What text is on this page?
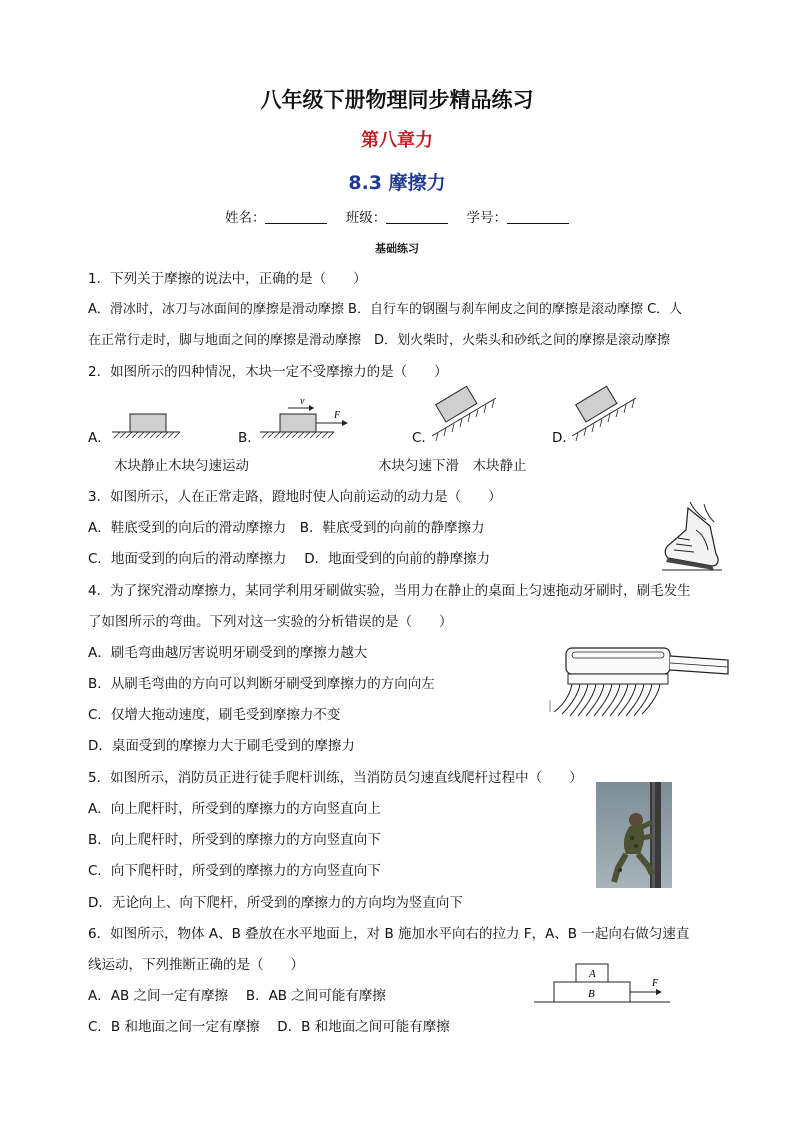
八年级下册物理同步精品练习
第八章力
8.3 摩擦力
姓名：	班级：	学号：
基础练习
1．下列关于摩擦的说法中，正确的是（　　）
A．滑冰时，冰刀与冰面间的摩擦是滑动摩擦 B．自行车的钢圈与刹车闸皮之间的摩擦是滚动摩擦 C．人
在正常行走时，脚与地面之间的摩擦是滑动摩擦　D．划火柴时，火柴头和砂纸之间的摩擦是滚动摩擦
2．如图所示的四种情况，木块一定不受摩擦力的是（　　）
A．	B．	C．	D．
v
F
木块静止木块匀速运动	木块匀速下滑　木块静止
3．如图所示，人在正常走路，蹬地时使人向前运动的动力是（　　）
A．鞋底受到的向后的滑动摩擦力　B．鞋底受到的向前的静摩擦力
C．地面受到的向后的滑动摩擦力　 D．地面受到的向前的静摩擦力
4．为了探究滑动摩擦力，某同学利用牙刷做实验，当用力在静止的桌面上匀速拖动牙刷时，刷毛发生
了如图所示的弯曲。下列对这一实验的分析错误的是（　　）
A．刷毛弯曲越厉害说明牙刷受到的摩擦力越大
B．从刷毛弯曲的方向可以判断牙刷受到摩擦力的方向向左
C．仅增大拖动速度，刷毛受到摩擦力不变
D．桌面受到的摩擦力大于刷毛受到的摩擦力
5．如图所示，消防员正进行徒手爬杆训练，当消防员匀速直线爬杆过程中（　　）
A．向上爬杆时，所受到的摩擦力的方向竖直向上
B．向上爬杆时，所受到的摩擦力的方向竖直向下
C．向下爬杆时，所受到的摩擦力的方向竖直向下
D．无论向上、向下爬杆，所受到的摩擦力的方向均为竖直向下
6．如图所示，物体 A、B 叠放在水平地面上，对 B 施加水平向右的拉力 F，A、B 一起向右做匀速直
线运动，下列推断正确的是（　　）
A．AB 之间一定有摩擦　 B．AB 之间可能有摩擦
C．B 和地面之间一定有摩擦　 D．B 和地面之间可能有摩擦
A
B
F
